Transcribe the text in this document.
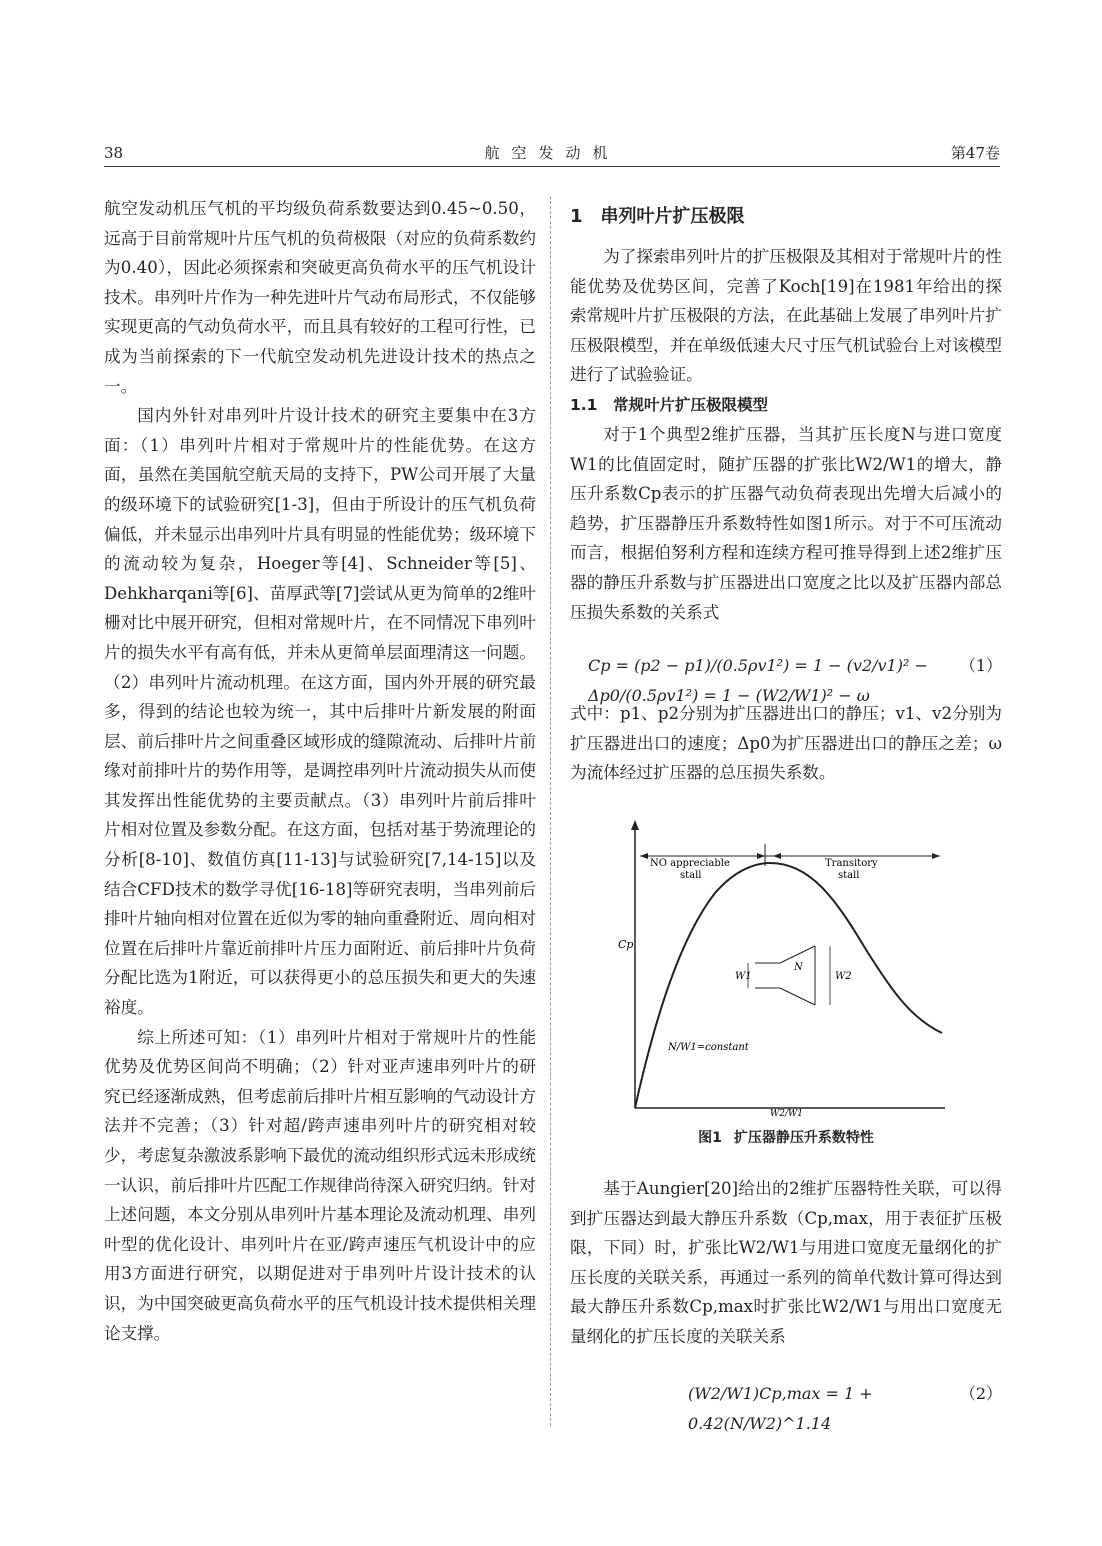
38	航空发动机	第47卷

航空发动机压气机的平均级负荷系数要达到0.45~0.50，远高于目前常规叶片压气机的负荷极限（对应的负荷系数约为0.40），因此必须探索和突破更高负荷水平的压气机设计技术。串列叶片作为一种先进叶片气动布局形式，不仅能够实现更高的气动负荷水平，而且具有较好的工程可行性，已成为当前探索的下一代航空发动机先进设计技术的热点之一。

国内外针对串列叶片设计技术的研究主要集中在3方面：（1）串列叶片相对于常规叶片的性能优势。在这方面，虽然在美国航空航天局的支持下，PW公司开展了大量的级环境下的试验研究[1-3]，但由于所设计的压气机负荷偏低，并未显示出串列叶片具有明显的性能优势；级环境下的流动较为复杂，Hoeger等[4]、Schneider等[5]、Dehkharqani等[6]、苗厚武等[7]尝试从更为简单的2维叶栅对比中展开研究，但相对常规叶片，在不同情况下串列叶片的损失水平有高有低，并未从更简单层面理清这一问题。（2）串列叶片流动机理。在这方面，国内外开展的研究最多，得到的结论也较为统一，其中后排叶片新发展的附面层、前后排叶片之间重叠区域形成的缝隙流动、后排叶片前缘对前排叶片的势作用等，是调控串列叶片流动损失从而使其发挥出性能优势的主要贡献点。（3）串列叶片前后排叶片相对位置及参数分配。在这方面，包括对基于势流理论的分析[8-10]、数值仿真[11-13]与试验研究[7,14-15]以及结合CFD技术的数学寻优[16-18]等研究表明，当串列前后排叶片轴向相对位置在近似为零的轴向重叠附近、周向相对位置在后排叶片靠近前排叶片压力面附近、前后排叶片负荷分配比选为1附近，可以获得更小的总压损失和更大的失速裕度。

综上所述可知：（1）串列叶片相对于常规叶片的性能优势及优势区间尚不明确；（2）针对亚声速串列叶片的研究已经逐渐成熟，但考虑前后排叶片相互影响的气动设计方法并不完善；（3）针对超/跨声速串列叶片的研究相对较少，考虑复杂激波系影响下最优的流动组织形式远未形成统一认识，前后排叶片匹配工作规律尚待深入研究归纳。针对上述问题，本文分别从串列叶片基本理论及流动机理、串列叶型的优化设计、串列叶片在亚/跨声速压气机设计中的应用3方面进行研究，以期促进对于串列叶片设计技术的认识，为中国突破更高负荷水平的压气机设计技术提供相关理论支撑。

1　串列叶片扩压极限

为了探索串列叶片的扩压极限及其相对于常规叶片的性能优势及优势区间，完善了Koch[19]在1981年给出的探索常规叶片扩压极限的方法，在此基础上发展了串列叶片扩压极限模型，并在单级低速大尺寸压气机试验台上对该模型进行了试验验证。

1.1　常规叶片扩压极限模型

对于1个典型2维扩压器，当其扩压长度N与进口宽度W1的比值固定时，随扩压器的扩张比W2/W1的增大，静压升系数Cp表示的扩压器气动负荷表现出先增大后减小的趋势，扩压器静压升系数特性如图1所示。对于不可压流动而言，根据伯努利方程和连续方程可推导得到上述2维扩压器的静压升系数与扩压器进出口宽度之比以及扩压器内部总压损失系数的关系式

Cp = (p2 − p1)/(0.5ρv1²) = 1 − (v2/v1)² − Δp0/(0.5ρv1²) = 1 − (W2/W1)² − ω
（1）

式中：p1、p2分别为扩压器进出口的静压；v1、v2分别为扩压器进出口的速度；Δp0为扩压器进出口的静压之差；ω为流体经过扩压器的总压损失系数。

NO appreciable
stall
Transitory
stall
Cp
W2/W1
W1
N
W2
N/W1=constant
图1 扩压器静压升系数特性

基于Aungier[20]给出的2维扩压器特性关联，可以得到扩压器达到最大静压升系数（Cp,max，用于表征扩压极限，下同）时，扩张比W2/W1与用进口宽度无量纲化的扩压长度的关联关系，再通过一系列的简单代数计算可得达到最大静压升系数Cp,max时扩张比W2/W1与用出口宽度无量纲化的扩压长度的关联关系

(W2/W1)Cp,max = 1 + 0.42(N/W2)^1.14
（2）
